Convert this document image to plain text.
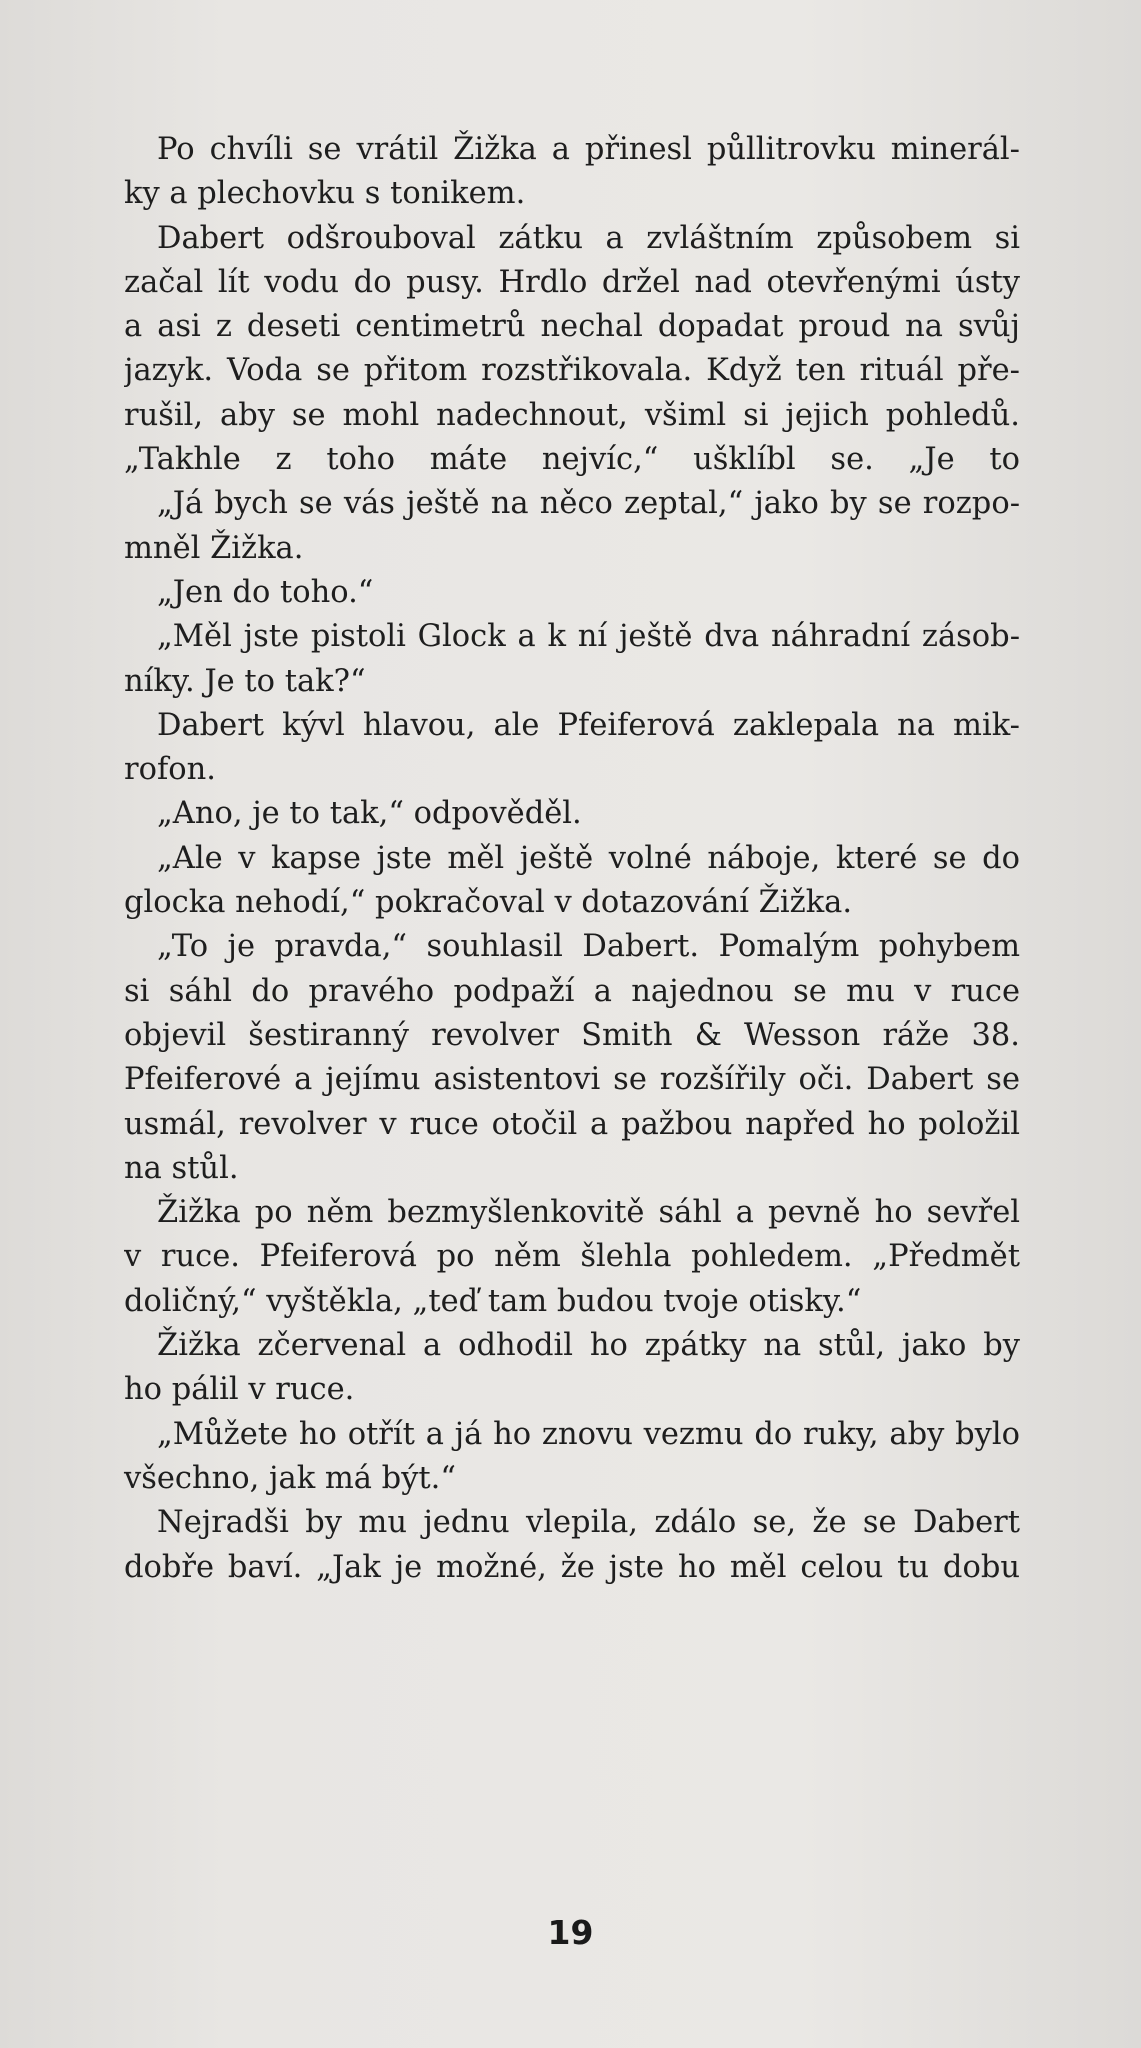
Po chvíli se vrátil Žižka a přinesl půllitrovku minerál-
ky a plechovku s tonikem.
Dabert odšrouboval zátku a zvláštním způsobem si
začal lít vodu do pusy. Hrdlo držel nad otevřenými ústy
a asi z deseti centimetrů nechal dopadat proud na svůj
jazyk. Voda se přitom rozstřikovala. Když ten rituál pře-
rušil, aby se mohl nadechnout, všiml si jejich pohledů.
„Takhle z toho máte nejvíc,“ ušklíbl se. „Je to
„Já bych se vás ještě na něco zeptal,“ jako by se rozpo-
mněl Žižka.
„Jen do toho.“
„Měl jste pistoli Glock a k ní ještě dva náhradní zásob-
níky. Je to tak?“
Dabert kývl hlavou, ale Pfeiferová zaklepala na mik-
rofon.
„Ano, je to tak,“ odpověděl.
„Ale v kapse jste měl ještě volné náboje, které se do
glocka nehodí,“ pokračoval v dotazování Žižka.
„To je pravda,“ souhlasil Dabert. Pomalým pohybem
si sáhl do pravého podpaží a najednou se mu v ruce
objevil šestiranný revolver Smith & Wesson ráže 38.
Pfeiferové a jejímu asistentovi se rozšířily oči. Dabert se
usmál, revolver v ruce otočil a pažbou napřed ho položil
na stůl.
Žižka po něm bezmyšlenkovitě sáhl a pevně ho sevřel
v ruce. Pfeiferová po něm šlehla pohledem. „Předmět
doličný,“ vyštěkla, „teď tam budou tvoje otisky.“
Žižka zčervenal a odhodil ho zpátky na stůl, jako by
ho pálil v ruce.
„Můžete ho otřít a já ho znovu vezmu do ruky, aby bylo
všechno, jak má být.“
Nejradši by mu jednu vlepila, zdálo se, že se Dabert
dobře baví. „Jak je možné, že jste ho měl celou tu dobu
19
